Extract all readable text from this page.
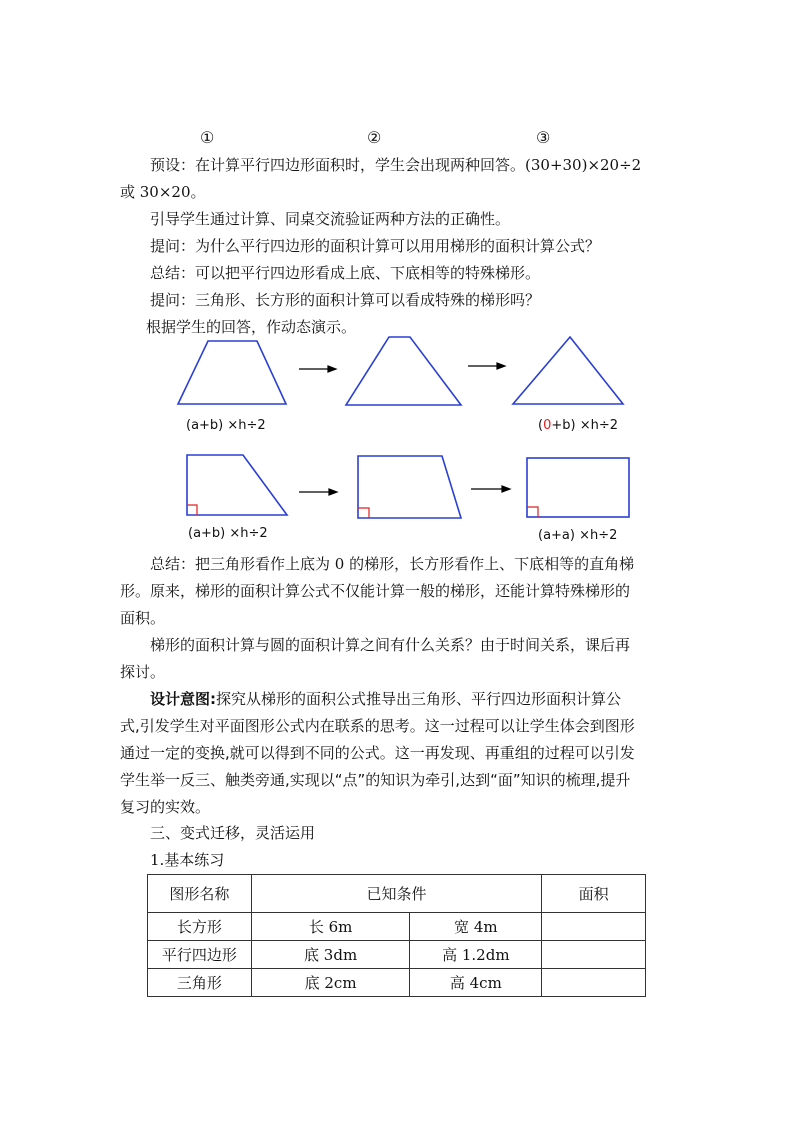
①	②	③
预设：在计算平行四边形面积时，学生会出现两种回答。(30+30)×20÷2
或 30×20。
引导学生通过计算、同桌交流验证两种方法的正确性。
提问：为什么平行四边形的面积计算可以用用梯形的面积计算公式？
总结：可以把平行四边形看成上底、下底相等的特殊梯形。
提问：三角形、长方形的面积计算可以看成特殊的梯形吗？
根据学生的回答，作动态演示。
(a+b) ×h÷2	(0+b) ×h÷2
(a+b) ×h÷2	(a+a) ×h÷2
总结：把三角形看作上底为 0 的梯形，长方形看作上、下底相等的直角梯
形。原来，梯形的面积计算公式不仅能计算一般的梯形，还能计算特殊梯形的
面积。
梯形的面积计算与圆的面积计算之间有什么关系？由于时间关系，课后再
探讨。
设计意图:探究从梯形的面积公式推导出三角形、平行四边形面积计算公
式,引发学生对平面图形公式内在联系的思考。这一过程可以让学生体会到图形
通过一定的变换,就可以得到不同的公式。这一再发现、再重组的过程可以引发
学生举一反三、触类旁通,实现以“点”的知识为牵引,达到“面”知识的梳理,提升
复习的实效。
三、变式迁移，灵活运用
1.基本练习
图形名称	已知条件		面积
长方形	长 6m	宽 4m	
平行四边形	底 3dm	高 1.2dm	
三角形	底 2cm	高 4cm	
